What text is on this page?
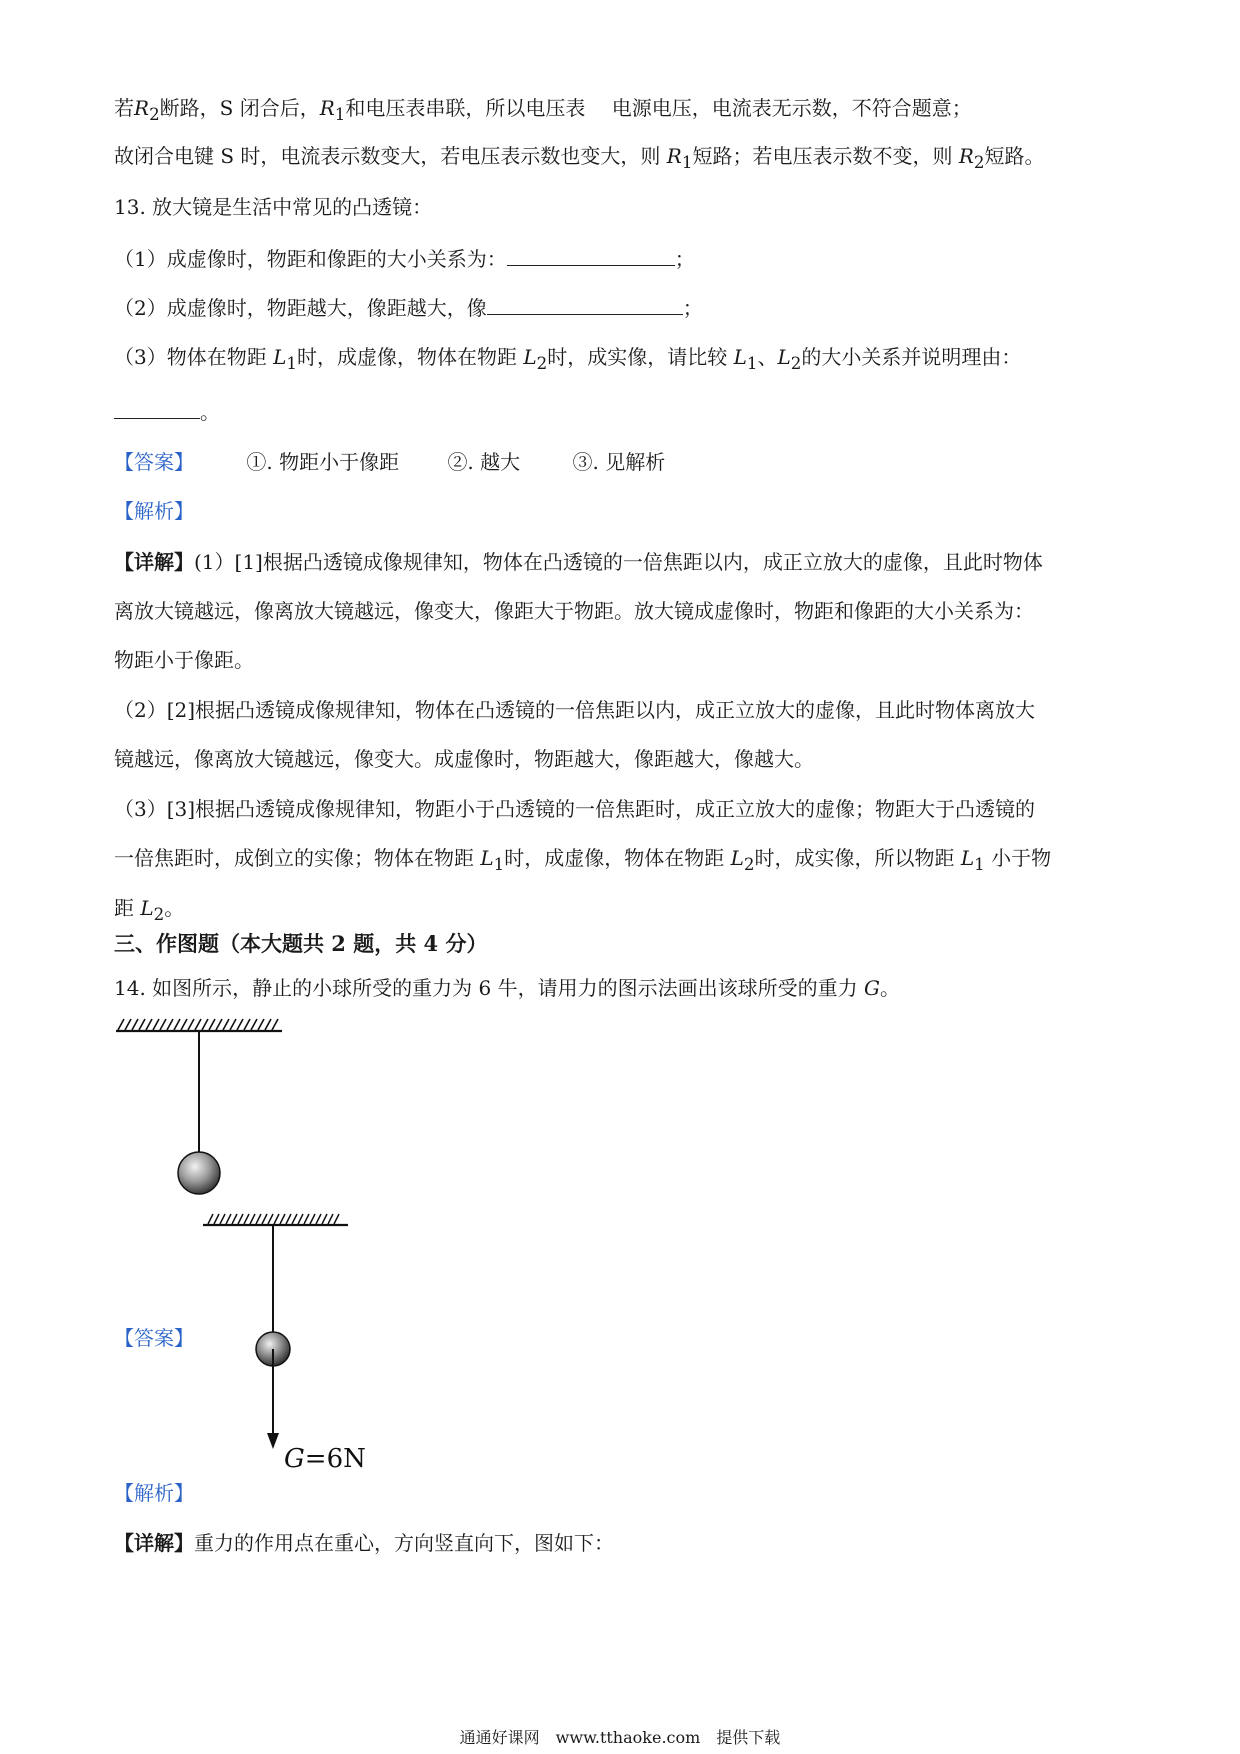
若$R_2$断路，S 闭合后，$R_1$和电压表串联，所以电压表　 电源电压，电流表无示数，不符合题意；
故闭合电键 S 时，电流表示数变大，若电压表示数也变大，则 $R_1$短路；若电压表示数不变，则 $R_2$短路。
13. 放大镜是生活中常见的凸透镜：
（1）成虚像时，物距和像距的大小关系为：	；
（2）成虚像时，物距越大，像距越大，像	；
（3）物体在物距 $L_1$时，成虚像，物体在物距 $L_2$时，成实像，请比较 $L_1$、$L_2$的大小关系并说明理由：
。
【答案】	①. 物距小于像距 ②. 越大	③. 见解析
【解析】
【详解】(1）[1]根据凸透镜成像规律知，物体在凸透镜的一倍焦距以内，成正立放大的虚像，且此时物体
离放大镜越远，像离放大镜越远，像变大，像距大于物距。放大镜成虚像时，物距和像距的大小关系为：
物距小于像距。
（2）[2]根据凸透镜成像规律知，物体在凸透镜的一倍焦距以内，成正立放大的虚像，且此时物体离放大
镜越远，像离放大镜越远，像变大。成虚像时，物距越大，像距越大，像越大。
（3）[3]根据凸透镜成像规律知，物距小于凸透镜的一倍焦距时，成正立放大的虚像；物距大于凸透镜的
一倍焦距时，成倒立的实像；物体在物距 $L_1$时，成虚像，物体在物距 $L_2$时，成实像，所以物距 $L_1$ 小于物
距 $L_2$。
三、作图题（本大题共 2 题，共 4 分）
14. 如图所示，静止的小球所受的重力为 6 牛，请用力的图示法画出该球所受的重力 G。
【答案】
G=6N
【解析】
【详解】重力的作用点在重心，方向竖直向下，图如下：
通通好课网　www.tthaoke.com　提供下载
